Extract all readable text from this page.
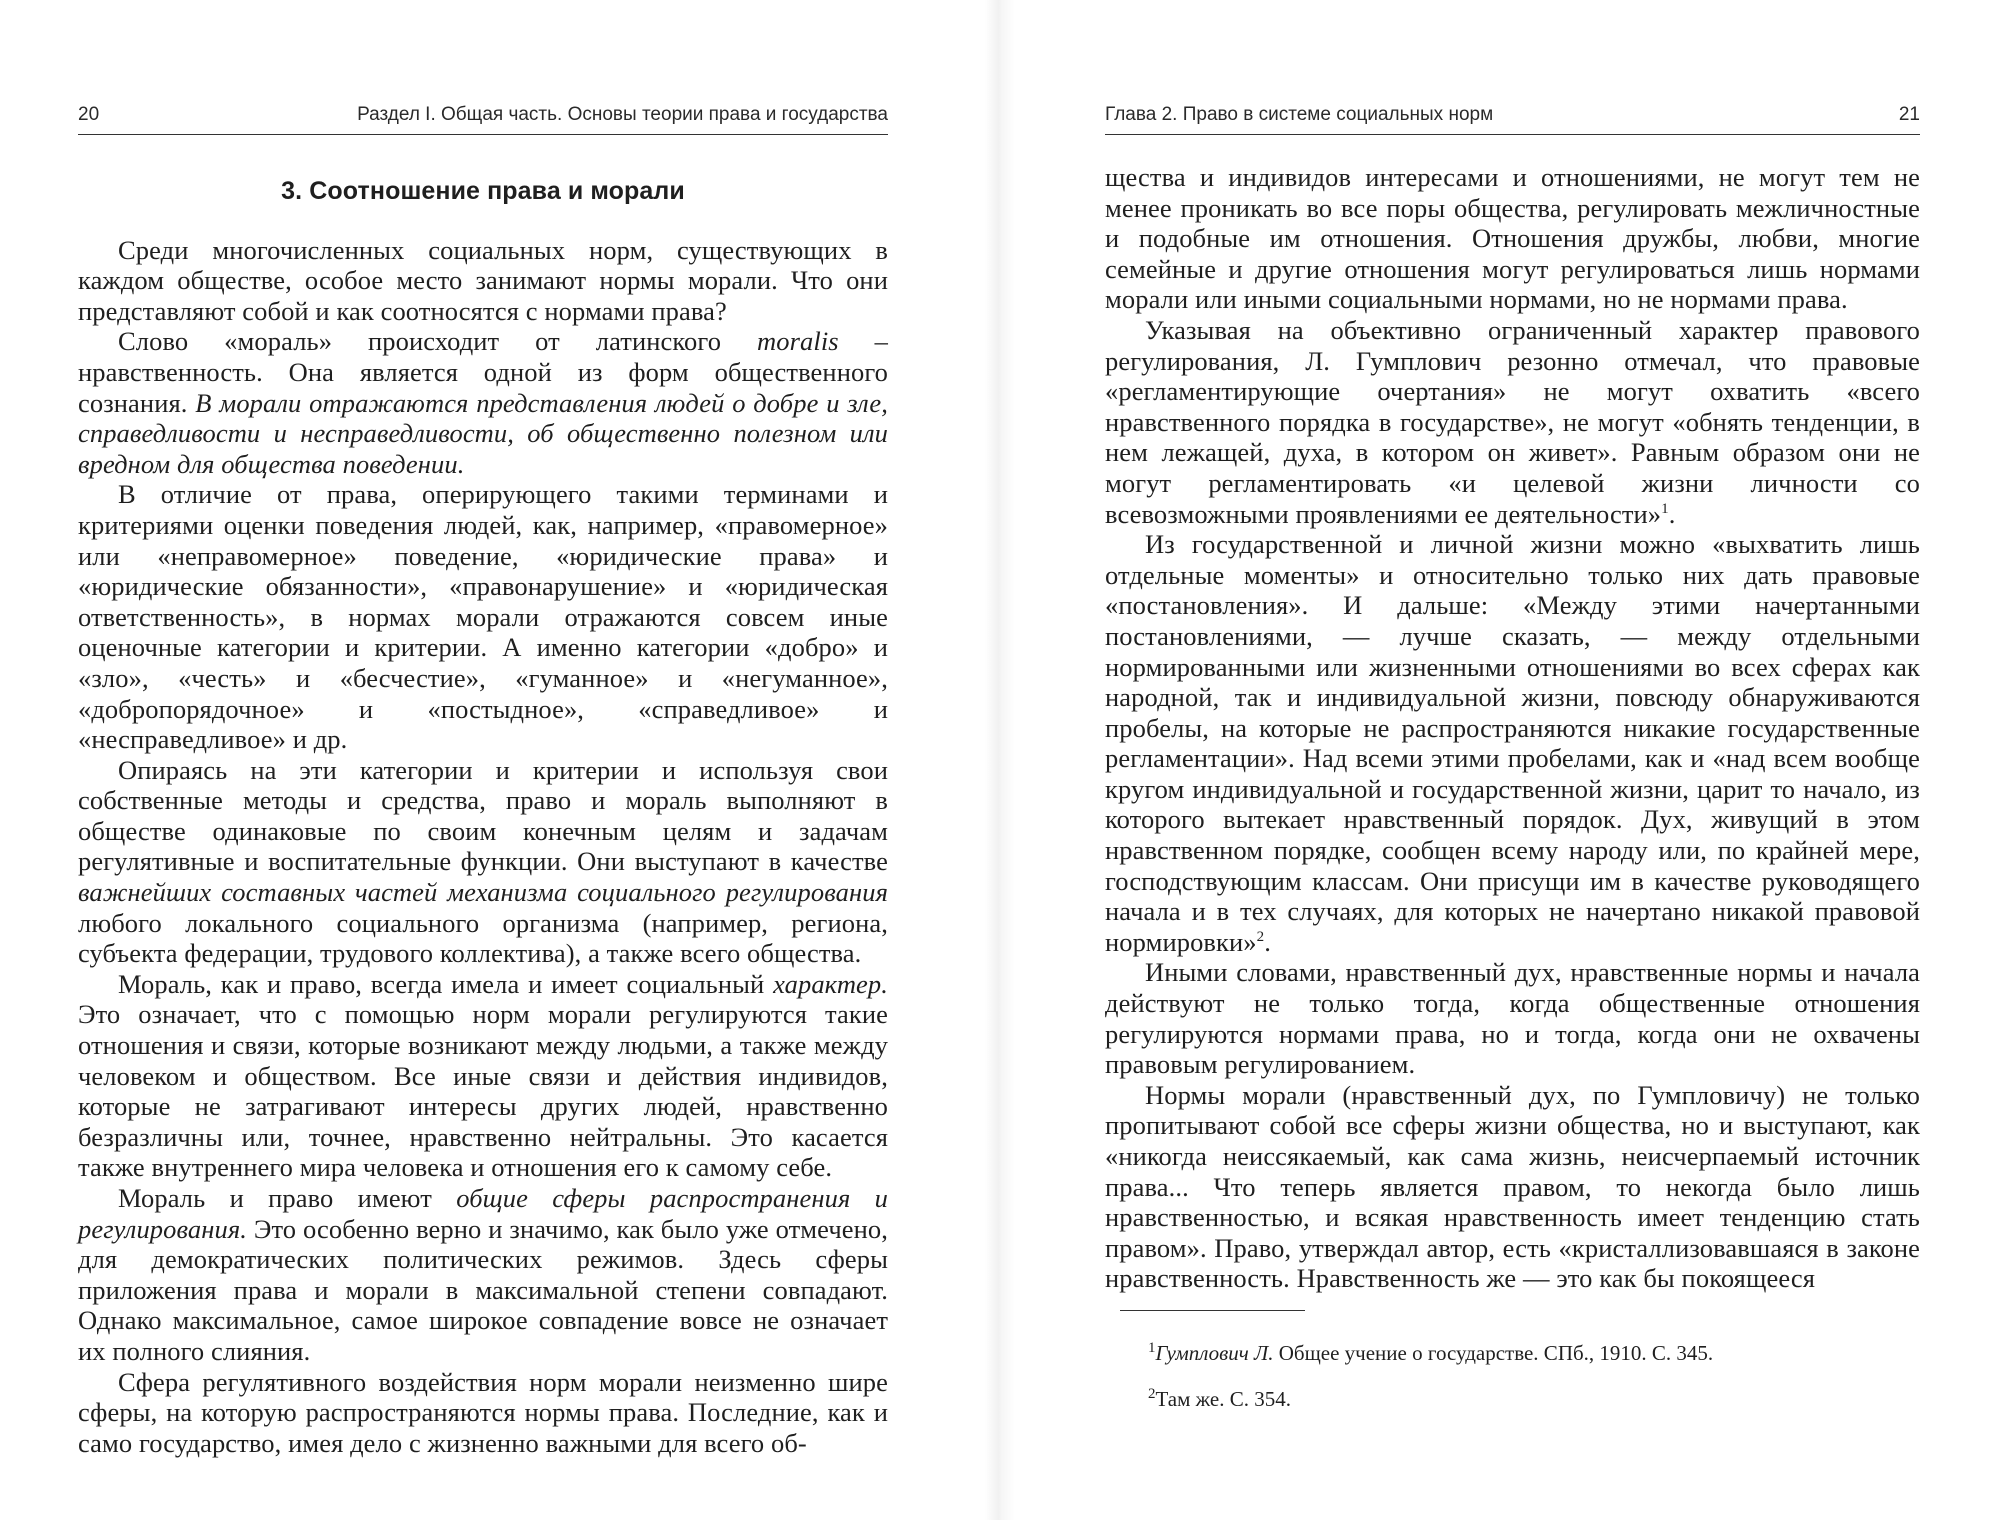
20	Раздел I. Общая часть. Основы теории права и государства

3. Соотношение права и морали

Среди многочисленных социальных норм, существующих в каждом обществе, особое место занимают нормы морали. Что они представляют собой и как соотносятся с нормами права?

Слово «мораль» происходит от латинского moralis – нравственность. Она является одной из форм общественного сознания. В морали отражаются представления людей о добре и зле, справедливости и несправедливости, об общественно полезном или вредном для общества поведении.

В отличие от права, оперирующего такими терминами и критериями оценки поведения людей, как, например, «правомерное» или «неправомерное» поведение, «юридические права» и «юридические обязанности», «правонарушение» и «юридическая ответственность», в нормах морали отражаются совсем иные оценочные категории и критерии. А именно категории «добро» и «зло», «честь» и «бесчестие», «гуманное» и «негуманное», «добропорядочное» и «постыдное», «справедливое» и «несправедливое» и др.

Опираясь на эти категории и критерии и используя свои собственные методы и средства, право и мораль выполняют в обществе одинаковые по своим конечным целям и задачам регулятивные и воспитательные функции. Они выступают в качестве важнейших составных частей механизма социального регулирования любого локального социального организма (например, региона, субъекта федерации, трудового коллектива), а также всего общества.

Мораль, как и право, всегда имела и имеет социальный характер. Это означает, что с помощью норм морали регулируются такие отношения и связи, которые возникают между людьми, а также между человеком и обществом. Все иные связи и действия индивидов, которые не затрагивают интересы других людей, нравственно безразличны или, точнее, нравственно нейтральны. Это касается также внутреннего мира человека и отношения его к самому себе.

Мораль и право имеют общие сферы распространения и регулирования. Это особенно верно и значимо, как было уже отмечено, для демократических политических режимов. Здесь сферы приложения права и морали в максимальной степени совпадают. Однако максимальное, самое широкое совпадение вовсе не означает их полного слияния.

Сфера регулятивного воздействия норм морали неизменно шире сферы, на которую распространяются нормы права. Последние, как и само государство, имея дело с жизненно важными для всего об-

Глава 2. Право в системе социальных норм	21

щества и индивидов интересами и отношениями, не могут тем не менее проникать во все поры общества, регулировать межличностные и подобные им отношения. Отношения дружбы, любви, многие семейные и другие отношения могут регулироваться лишь нормами морали или иными социальными нормами, но не нормами права.

Указывая на объективно ограниченный характер правового регулирования, Л. Гумплович резонно отмечал, что правовые «регламентирующие очертания» не могут охватить «всего нравственного порядка в государстве», не могут «обнять тенденции, в нем лежащей, духа, в котором он живет». Равным образом они не могут регламентировать «и целевой жизни личности со всевозможными проявлениями ее деятельности»$^1$.

Из государственной и личной жизни можно «выхватить лишь отдельные моменты» и относительно только них дать правовые «постановления». И дальше: «Между этими начертанными постановлениями, — лучше сказать, — между отдельными нормированными или жизненными отношениями во всех сферах как народной, так и индивидуальной жизни, повсюду обнаруживаются пробелы, на которые не распространяются никакие государственные регламентации». Над всеми этими пробелами, как и «над всем вообще кругом индивидуальной и государственной жизни, царит то начало, из которого вытекает нравственный порядок. Дух, живущий в этом нравственном порядке, сообщен всему народу или, по крайней мере, господствующим классам. Они присущи им в качестве руководящего начала и в тех случаях, для которых не начертано никакой правовой нормировки»$^2$.

Иными словами, нравственный дух, нравственные нормы и начала действуют не только тогда, когда общественные отношения регулируются нормами права, но и тогда, когда они не охвачены правовым регулированием.

Нормы морали (нравственный дух, по Гумпловичу) не только пропитывают собой все сферы жизни общества, но и выступают, как «никогда неиссякаемый, как сама жизнь, неисчерпаемый источник права... Что теперь является правом, то некогда было лишь нравственностью, и всякая нравственность имеет тенденцию стать правом». Право, утверждал автор, есть «кристаллизовавшаяся в законе нравственность. Нравственность же — это как бы покоящееся

$^1$Гумплович Л. Общее учение о государстве. СПб., 1910. С. 345.
$^2$Там же. С. 354.
